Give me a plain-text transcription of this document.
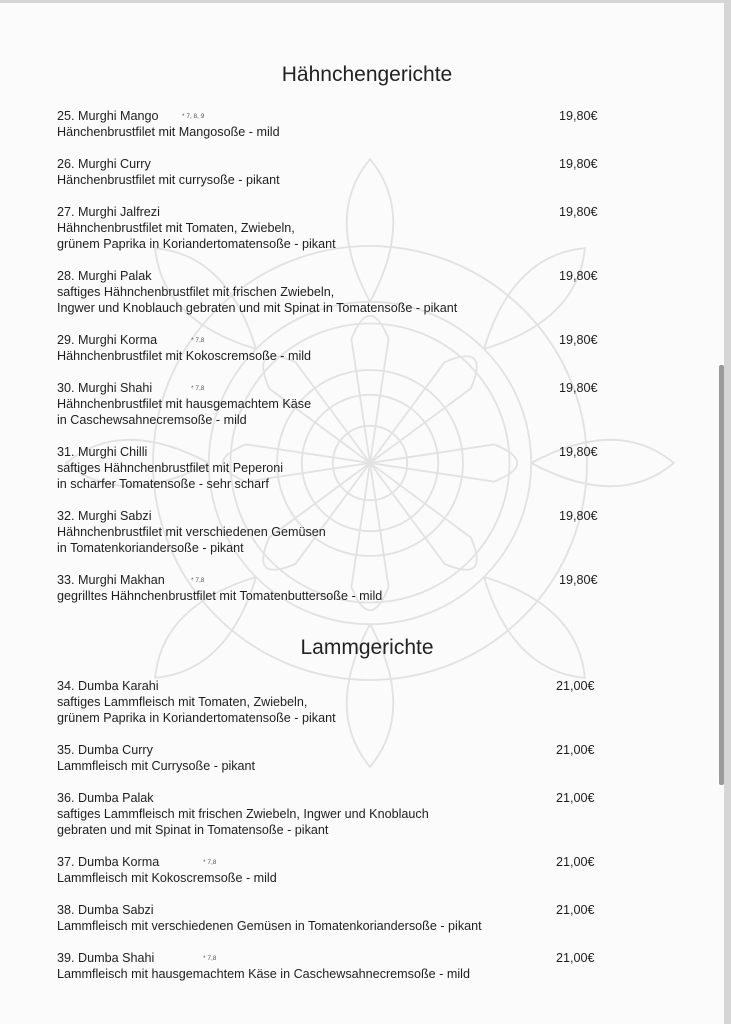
Hähnchengerichte
25. Murghi Mango	* 7, 8, 9	19,80€
Hänchenbrustfilet mit Mangosoße - mild
26. Murghi Curry	19,80€
Hänchenbrustfilet mit currysoße - pikant
27. Murghi Jalfrezi	19,80€
Hähnchenbrustfilet mit Tomaten, Zwiebeln,
grünem Paprika in Koriandertomatensoße - pikant
28. Murghi Palak	19,80€
saftiges Hähnchenbrustfilet mit frischen Zwiebeln,
Ingwer und Knoblauch gebraten und mit Spinat in Tomatensoße - pikant
29. Murghi Korma	* 7,8	19,80€
Hähnchenbrustfilet mit Kokoscremsoße - mild
30. Murghi Shahi	* 7,8	19,80€
Hähnchenbrustfilet mit hausgemachtem Käse
in Caschewsahnecremsoße - mild
31. Murghi Chilli	19,80€
saftiges Hähnchenbrustfilet mit Peperoni
in scharfer Tomatensoße - sehr scharf
32. Murghi Sabzi	19,80€
Hähnchenbrustfilet mit verschiedenen Gemüsen
in Tomatenkoriandersoße - pikant
33. Murghi Makhan	* 7,8	19,80€
gegrilltes Hähnchenbrustfilet mit Tomatenbuttersoße - mild
Lammgerichte
34. Dumba Karahi	21,00€
saftiges Lammfleisch mit Tomaten, Zwiebeln,
grünem Paprika in Koriandertomatensoße - pikant
35. Dumba Curry	21,00€
Lammfleisch mit Currysoße - pikant
36. Dumba Palak	21,00€
saftiges Lammfleisch mit frischen Zwiebeln, Ingwer und Knoblauch
gebraten und mit Spinat in Tomatensoße - pikant
37. Dumba Korma	* 7,8	21,00€
Lammfleisch mit Kokoscremsoße - mild
38. Dumba Sabzi	21,00€
Lammfleisch mit verschiedenen Gemüsen in Tomatenkoriandersoße - pikant
39. Dumba Shahi	* 7,8	21,00€
Lammfleisch mit hausgemachtem Käse in Caschewsahnecremsoße - mild
